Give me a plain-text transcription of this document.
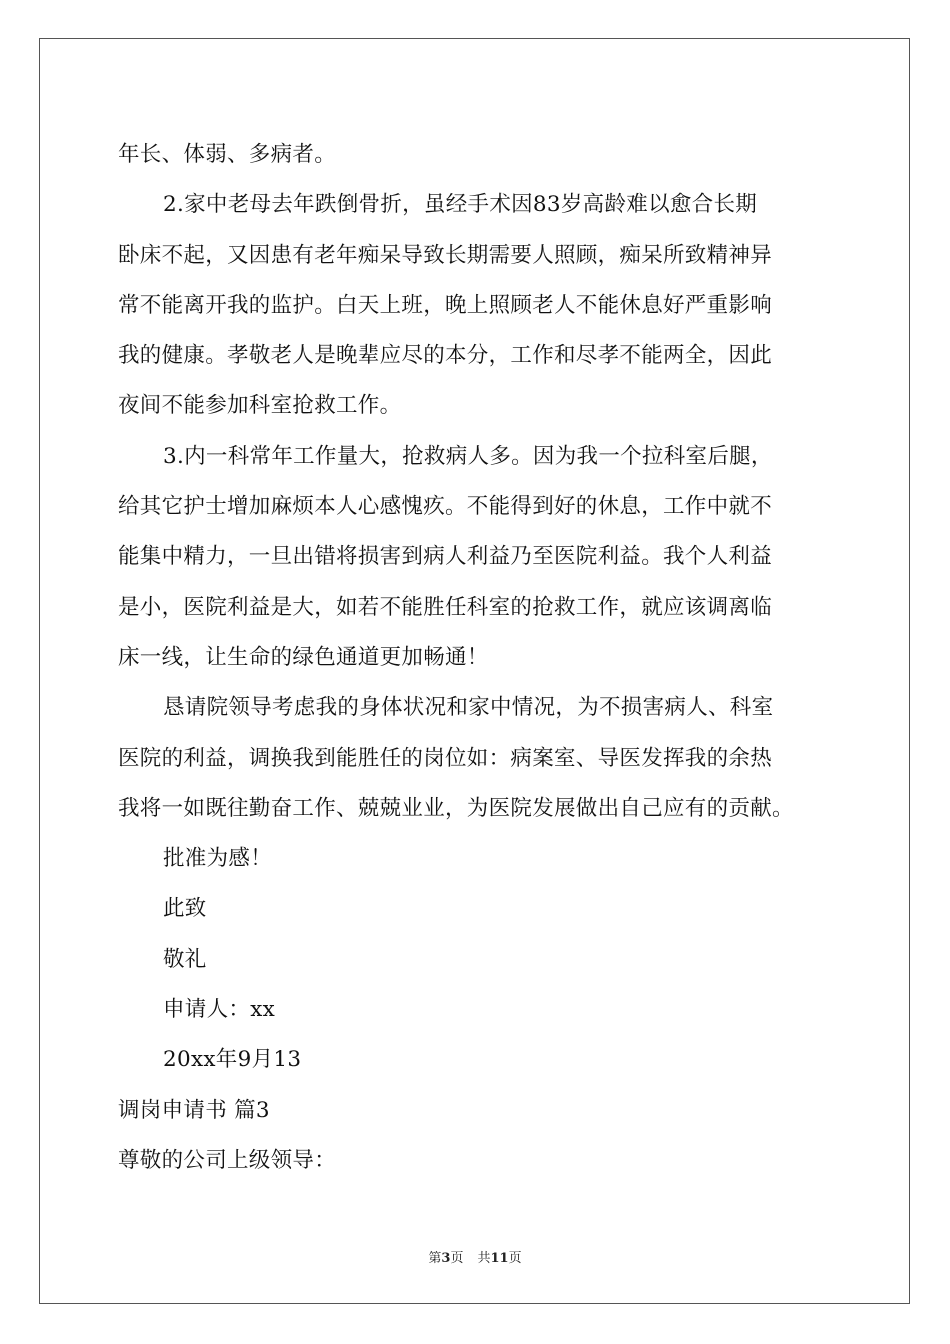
年长、体弱、多病者。
2.家中老母去年跌倒骨折，虽经手术因83岁高龄难以愈合长期
卧床不起，又因患有老年痴呆导致长期需要人照顾，痴呆所致精神异
常不能离开我的监护。白天上班，晚上照顾老人不能休息好严重影响
我的健康。孝敬老人是晚辈应尽的本分，工作和尽孝不能两全，因此
夜间不能参加科室抢救工作。
3.内一科常年工作量大，抢救病人多。因为我一个拉科室后腿，
给其它护士增加麻烦本人心感愧疚。不能得到好的休息，工作中就不
能集中精力，一旦出错将损害到病人利益乃至医院利益。我个人利益
是小，医院利益是大，如若不能胜任科室的抢救工作，就应该调离临
床一线，让生命的绿色通道更加畅通！
恳请院领导考虑我的身体状况和家中情况，为不损害病人、科室
医院的利益，调换我到能胜任的岗位如：病案室、导医发挥我的余热
我将一如既往勤奋工作、兢兢业业，为医院发展做出自己应有的贡献。
批准为感！
此致
敬礼
申请人：xx
20xx年9月13
调岗申请书 篇3
尊敬的公司上级领导：
第3页 共11页
